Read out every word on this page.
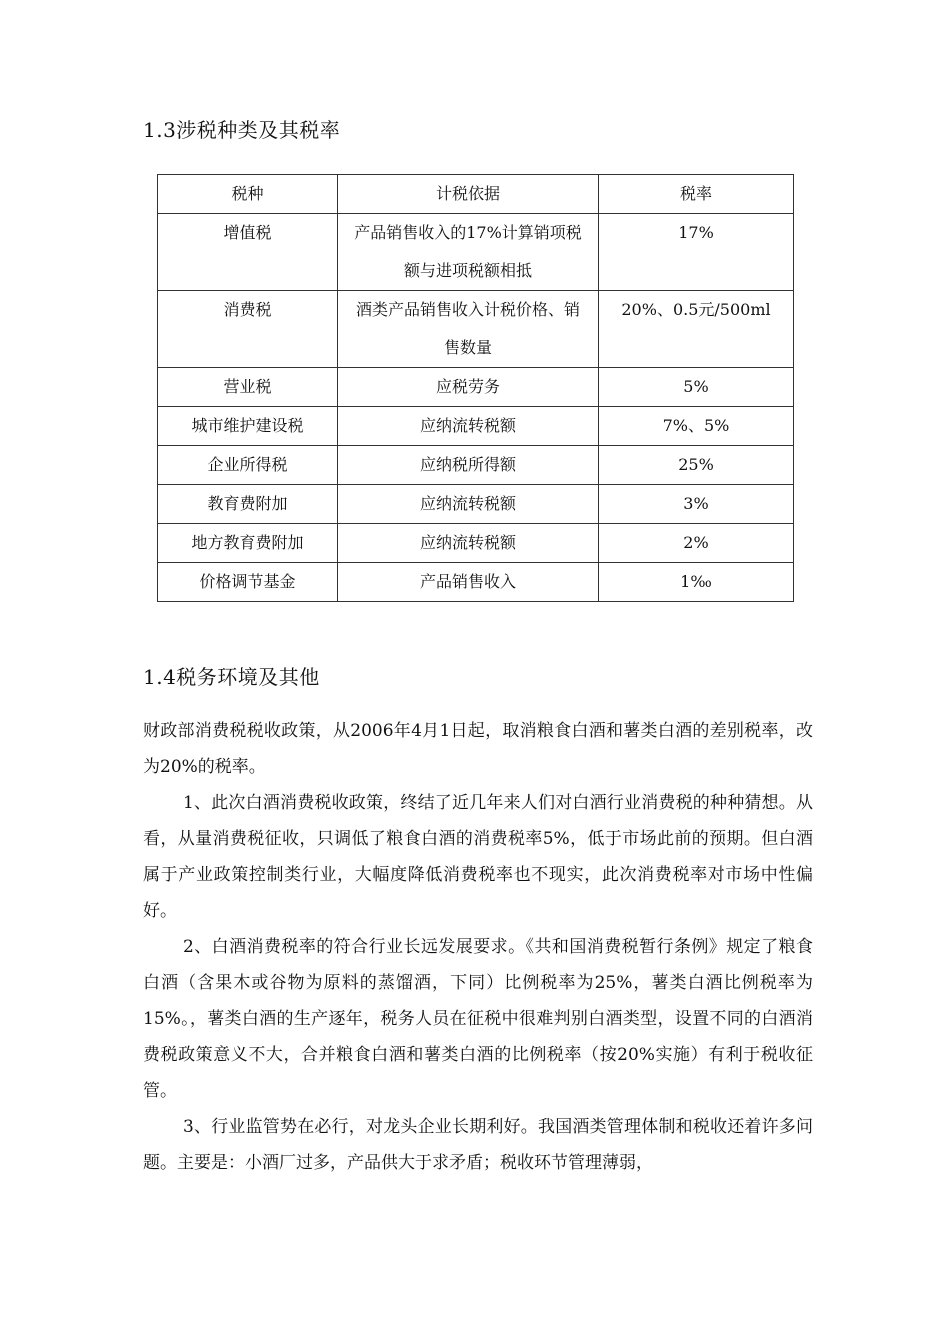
1.3涉税种类及其税率
税种	计税依据	税率
增值税	产品销售收入的17%计算销项税额与进项税额相抵	17%
消费税	酒类产品销售收入计税价格、销售数量	20%、0.5元/500ml
营业税	应税劳务	5%
城市维护建设税	应纳流转税额	7%、5%
企业所得税	应纳税所得额	25%
教育费附加	应纳流转税额	3%
地方教育费附加	应纳流转税额	2%
价格调节基金	产品销售收入	1‰
1.4税务环境及其他

财政部消费税税收政策，从2006年4月1日起，取消粮食白酒和薯类白酒的差别税率，改为20%的税率。

1、此次白酒消费税收政策，终结了近几年来人们对白酒行业消费税的种种猜想。从看，从量消费税征收，只调低了粮食白酒的消费税率5%，低于市场此前的预期。但白酒属于产业政策控制类行业，大幅度降低消费税率也不现实，此次消费税率对市场中性偏好。

2、白酒消费税率的符合行业长远发展要求。《共和国消费税暂行条例》规定了粮食白酒（含果木或谷物为原料的蒸馏酒，下同）比例税率为25%，薯类白酒比例税率为15%。，薯类白酒的生产逐年，税务人员在征税中很难判别白酒类型，设置不同的白酒消费税政策意义不大，合并粮食白酒和薯类白酒的比例税率（按20%实施）有利于税收征管。

3、行业监管势在必行，对龙头企业长期利好。我国酒类管理体制和税收还着许多问题。主要是：小酒厂过多，产品供大于求矛盾；税收环节管理薄弱，
